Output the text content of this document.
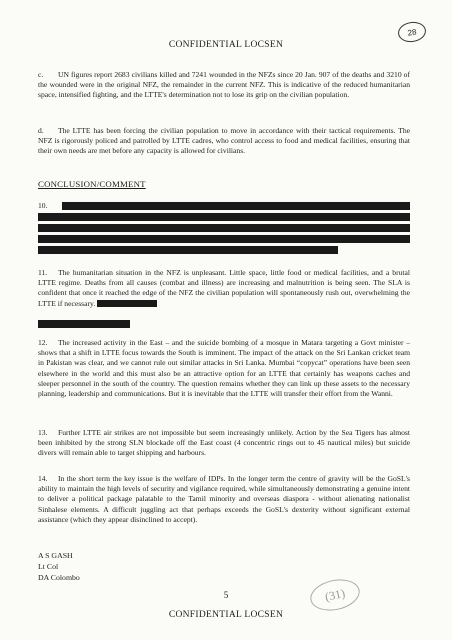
28
CONFIDENTIAL LOCSEN
c. UN figures report 2683 civilians killed and 7241 wounded in the NFZs since 20 Jan. 907 of the deaths and 3210 of the wounded were in the original NFZ, the remainder in the current NFZ. This is indicative of the reduced humanitarian space, intensified fighting, and the LTTE's determination not to lose its grip on the civilian population.
d. The LTTE has been forcing the civilian population to move in accordance with their tactical requirements. The NFZ is rigorously policed and patrolled by LTTE cadres, who control access to food and medical facilities, ensuring that their own needs are met before any capacity is allowed for civilians.
CONCLUSION/COMMENT
10.
11. The humanitarian situation in the NFZ is unpleasant. Little space, little food or medical facilities, and a brutal LTTE regime. Deaths from all causes (combat and illness) are increasing and malnutrition is being seen. The SLA is confident that once it reached the edge of the NFZ the civilian population will spontaneously rush out, overwhelming the LTTE if necessary.
12. The increased activity in the East – and the suicide bombing of a mosque in Matara targeting a Govt minister – shows that a shift in LTTE focus towards the South is imminent. The impact of the attack on the Sri Lankan cricket team in Pakistan was clear, and we cannot rule out similar attacks in Sri Lanka. Mumbai “copycat” operations have been seen elsewhere in the world and this must also be an attractive option for an LTTE that certainly has weapons caches and sleeper personnel in the south of the country. The question remains whether they can link up these assets to the necessary planning, leadership and communications. But it is inevitable that the LTTE will transfer their effort from the Wanni.
13. Further LTTE air strikes are not impossible but seem increasingly unlikely. Action by the Sea Tigers has almost been inhibited by the strong SLN blockade off the East coast (4 concentric rings out to 45 nautical miles) but suicide divers will remain able to target shipping and harbours.
14. In the short term the key issue is the welfare of IDPs. In the longer term the centre of gravity will be the GoSL's ability to maintain the high levels of security and vigilance required, while simultaneously demonstrating a genuine intent to deliver a political package palatable to the Tamil minority and overseas diaspora - without alienating nationalist Sinhalese elements. A difficult juggling act that perhaps exceeds the GoSL's dexterity without significant external assistance (which they appear disinclined to accept).
A S GASH
Lt Col
DA Colombo
5	(31)
CONFIDENTIAL LOCSEN
